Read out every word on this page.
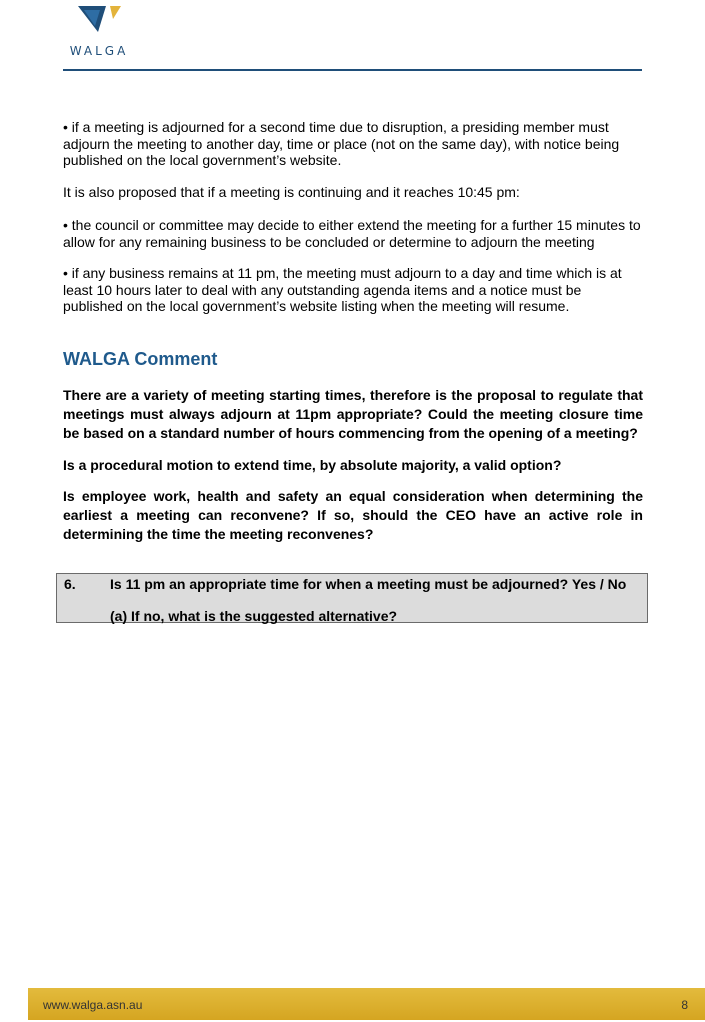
WALGA

• if a meeting is adjourned for a second time due to disruption, a presiding member must adjourn the meeting to another day, time or place (not on the same day), with notice being published on the local government’s website.

It is also proposed that if a meeting is continuing and it reaches 10:45 pm:

• the council or committee may decide to either extend the meeting for a further 15 minutes to allow for any remaining business to be concluded or determine to adjourn the meeting

• if any business remains at 11 pm, the meeting must adjourn to a day and time which is at least 10 hours later to deal with any outstanding agenda items and a notice must be published on the local government’s website listing when the meeting will resume.

WALGA Comment

There are a variety of meeting starting times, therefore is the proposal to regulate that meetings must always adjourn at 11pm appropriate? Could the meeting closure time be based on a standard number of hours commencing from the opening of a meeting?

Is a procedural motion to extend time, by absolute majority, a valid option?

Is employee work, health and safety an equal consideration when determining the earliest a meeting can reconvene? If so, should the CEO have an active role in determining the time the meeting reconvenes?

6. Is 11 pm an appropriate time for when a meeting must be adjourned? Yes / No
(a) If no, what is the suggested alternative?
www.walga.asn.au	8
